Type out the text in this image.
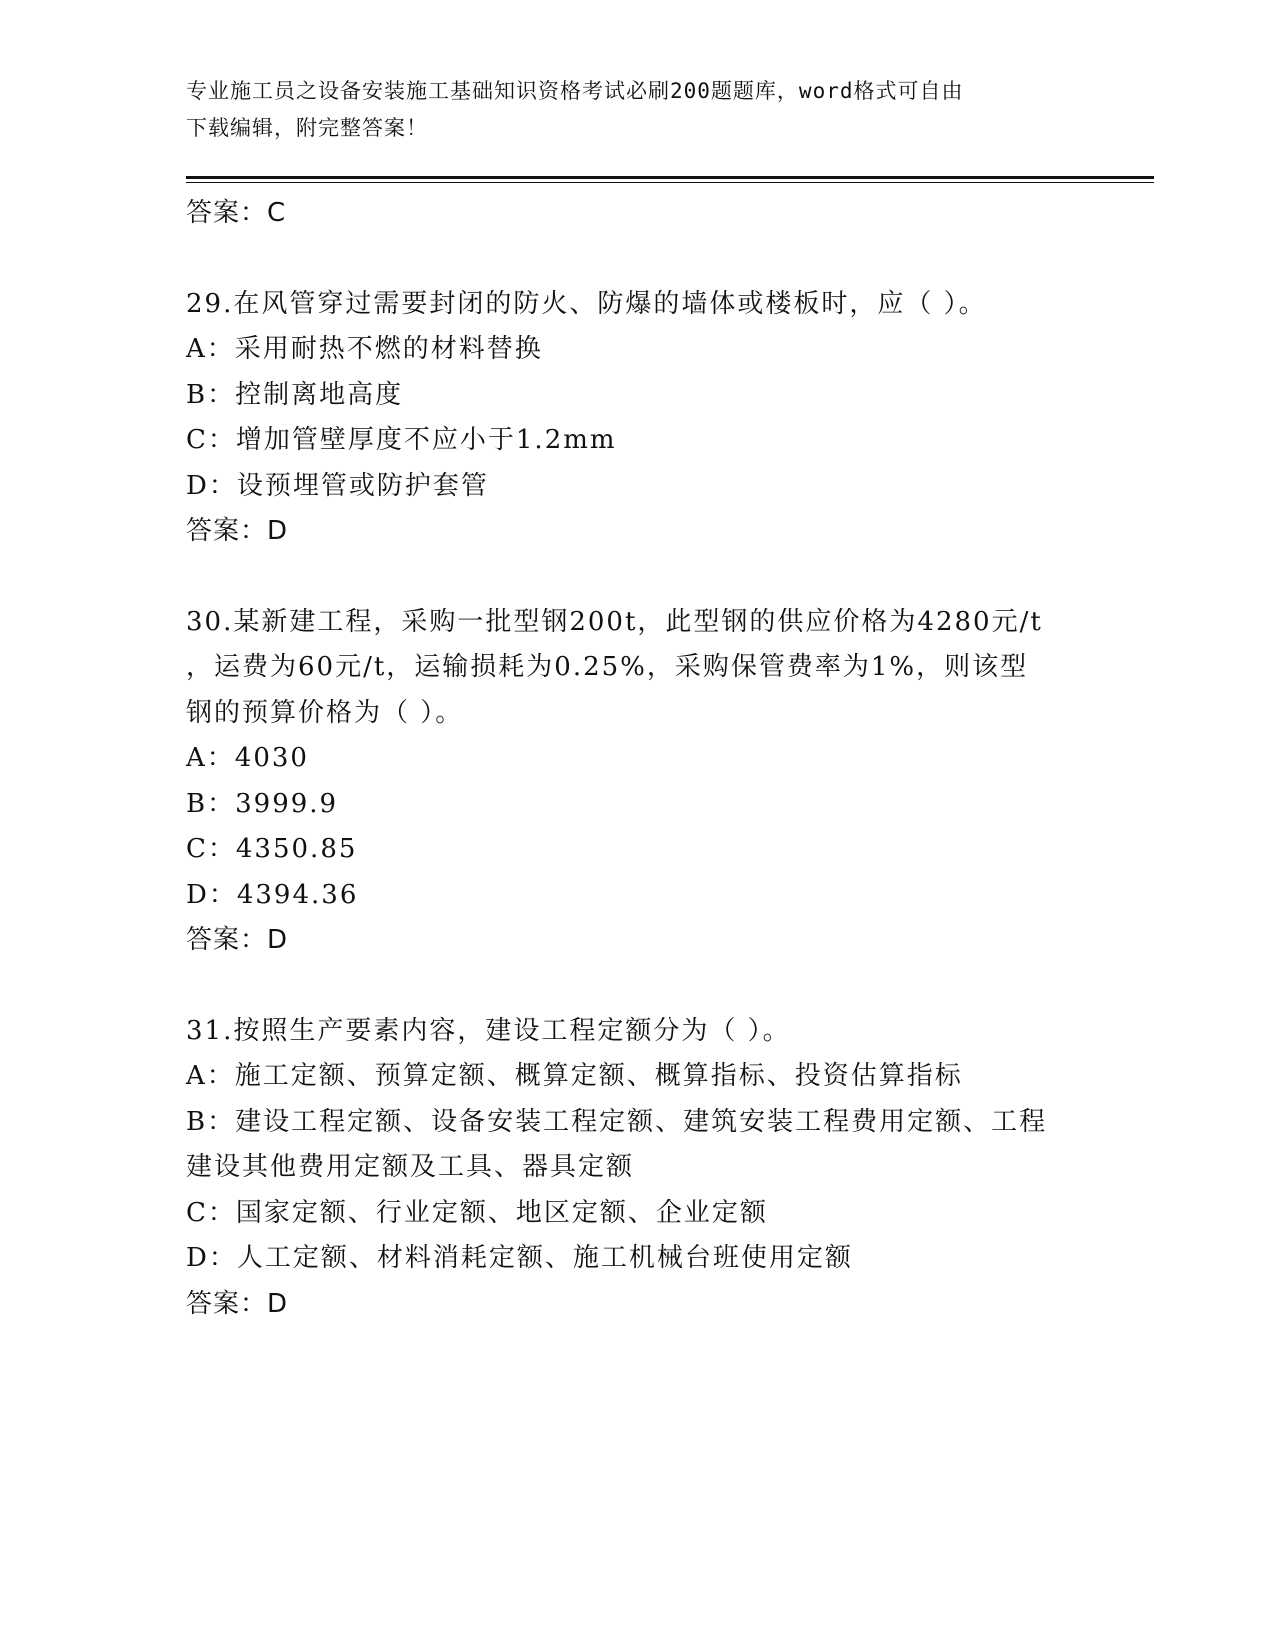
专业施工员之设备安装施工基础知识资格考试必刷200题题库，word格式可自由
下载编辑，附完整答案！
答案：C
29.在风管穿过需要封闭的防火、防爆的墙体或楼板时，应（ ）。
A：采用耐热不燃的材料替换
B：控制离地高度
C：增加管壁厚度不应小于1.2mm
D：设预埋管或防护套管
答案：D
30.某新建工程，采购一批型钢200t，此型钢的供应价格为4280元/t
，运费为60元/t，运输损耗为0.25%，采购保管费率为1%，则该型
钢的预算价格为（ ）。
A：4030
B：3999.9
C：4350.85
D：4394.36
答案：D
31.按照生产要素内容，建设工程定额分为（ ）。
A：施工定额、预算定额、概算定额、概算指标、投资估算指标
B：建设工程定额、设备安装工程定额、建筑安装工程费用定额、工程
建设其他费用定额及工具、器具定额
C：国家定额、行业定额、地区定额、企业定额
D：人工定额、材料消耗定额、施工机械台班使用定额
答案：D
